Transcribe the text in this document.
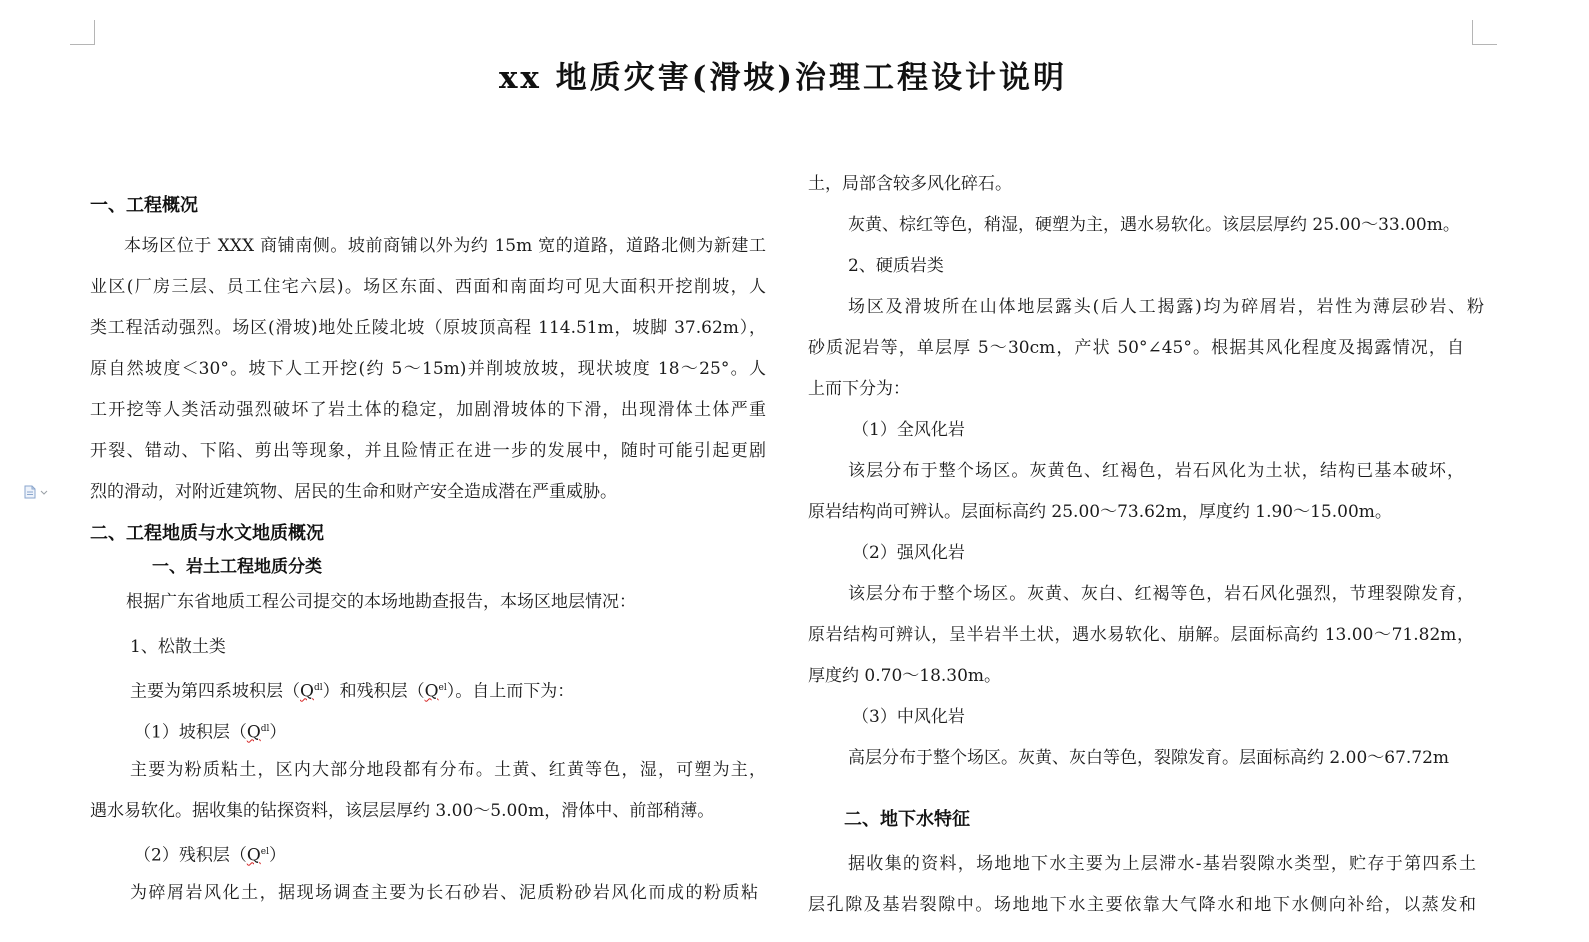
xx 地质灾害(滑坡)治理工程设计说明
一、工程概况
本场区位于 XXX 商铺南侧。坡前商铺以外为约 15m 宽的道路，道路北侧为新建工
业区(厂房三层、员工住宅六层)。场区东面、西面和南面均可见大面积开挖削坡，人
类工程活动强烈。场区(滑坡)地处丘陵北坡（原坡顶高程 114.51m，坡脚 37.62m），
原自然坡度＜30°。坡下人工开挖(约 5～15m)并削坡放坡，现状坡度 18～25°。人
工开挖等人类活动强烈破坏了岩土体的稳定，加剧滑坡体的下滑，出现滑体土体严重
开裂、错动、下陷、剪出等现象，并且险情正在进一步的发展中，随时可能引起更剧
烈的滑动，对附近建筑物、居民的生命和财产安全造成潜在严重威胁。
二、工程地质与水文地质概况
一、岩土工程地质分类
根据广东省地质工程公司提交的本场地勘查报告，本场区地层情况：
1、松散土类
主要为第四系坡积层$(Q^{dl})$和残积层$(Q^{el})$。自上而下为：
（1）坡积层$(Q^{dl})$
主要为粉质粘土，区内大部分地段都有分布。土黄、红黄等色，湿，可塑为主，
遇水易软化。据收集的钻探资料，该层层厚约 3.00～5.00m，滑体中、前部稍薄。
（2）残积层$(Q^{el})$
为碎屑岩风化土，据现场调查主要为长石砂岩、泥质粉砂岩风化而成的粉质粘
土，局部含较多风化碎石。
灰黄、棕红等色，稍湿，硬塑为主，遇水易软化。该层层厚约 25.00～33.00m。
2、硬质岩类
场区及滑坡所在山体地层露头(后人工揭露)均为碎屑岩，岩性为薄层砂岩、粉
砂质泥岩等，单层厚 5～30cm，产状 50°∠45°。根据其风化程度及揭露情况，自
上而下分为：
（1）全风化岩
该层分布于整个场区。灰黄色、红褐色，岩石风化为土状，结构已基本破坏，
原岩结构尚可辨认。层面标高约 25.00～73.62m，厚度约 1.90～15.00m。
（2）强风化岩
该层分布于整个场区。灰黄、灰白、红褐等色，岩石风化强烈，节理裂隙发育，
原岩结构可辨认，呈半岩半土状，遇水易软化、崩解。层面标高约 13.00～71.82m，
厚度约 0.70～18.30m。
（3）中风化岩
高层分布于整个场区。灰黄、灰白等色，裂隙发育。层面标高约 2.00～67.72m
二、地下水特征
据收集的资料，场地地下水主要为上层滞水-基岩裂隙水类型，贮存于第四系土
层孔隙及基岩裂隙中。场地地下水主要依靠大气降水和地下水侧向补给，以蒸发和
